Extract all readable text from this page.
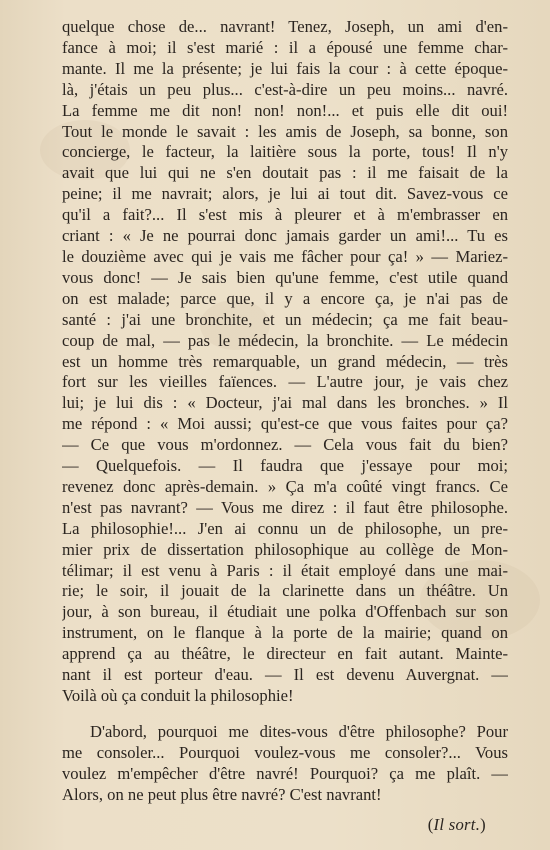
quelque chose de... navrant! Tenez, Joseph, un ami d'en-
fance à moi; il s'est marié : il a épousé une femme char-
mante. Il me la présente; je lui fais la cour : à cette époque-
là, j'étais un peu plus... c'est-à-dire un peu moins... navré.
La femme me dit non! non! non!... et puis elle dit oui!
Tout le monde le savait : les amis de Joseph, sa bonne, son
concierge, le facteur, la laitière sous la porte, tous! Il n'y
avait que lui qui ne s'en doutait pas : il me faisait de la
peine; il me navrait; alors, je lui ai tout dit. Savez-vous ce
qu'il a fait?... Il s'est mis à pleurer et à m'embrasser en
criant : « Je ne pourrai donc jamais garder un ami!... Tu es
le douzième avec qui je vais me fâcher pour ça! » — Mariez-
vous donc! — Je sais bien qu'une femme, c'est utile quand
on est malade; parce que, il y a encore ça, je n'ai pas de
santé : j'ai une bronchite, et un médecin; ça me fait beau-
coup de mal, — pas le médecin, la bronchite. — Le médecin
est un homme très remarquable, un grand médecin, — très
fort sur les vieilles faïences. — L'autre jour, je vais chez
lui; je lui dis : « Docteur, j'ai mal dans les bronches. » Il
me répond : « Moi aussi; qu'est-ce que vous faites pour ça?
— Ce que vous m'ordonnez. — Cela vous fait du bien?
— Quelquefois. — Il faudra que j'essaye pour moi;
revenez donc après-demain. » Ça m'a coûté vingt francs. Ce
n'est pas navrant? — Vous me direz : il faut être philosophe.
La philosophie!... J'en ai connu un de philosophe, un pre-
mier prix de dissertation philosophique au collège de Mon-
télimar; il est venu à Paris : il était employé dans une mai-
rie; le soir, il jouait de la clarinette dans un théâtre. Un
jour, à son bureau, il étudiait une polka d'Offenbach sur son
instrument, on le flanque à la porte de la mairie; quand on
apprend ça au théâtre, le directeur en fait autant. Mainte-
nant il est porteur d'eau. — Il est devenu Auvergnat. —
Voilà où ça conduit la philosophie!
D'abord, pourquoi me dites-vous d'être philosophe? Pour
me consoler... Pourquoi voulez-vous me consoler?... Vous
voulez m'empêcher d'être navré! Pourquoi? ça me plaît. —
Alors, on ne peut plus être navré? C'est navrant!
(Il sort.)
